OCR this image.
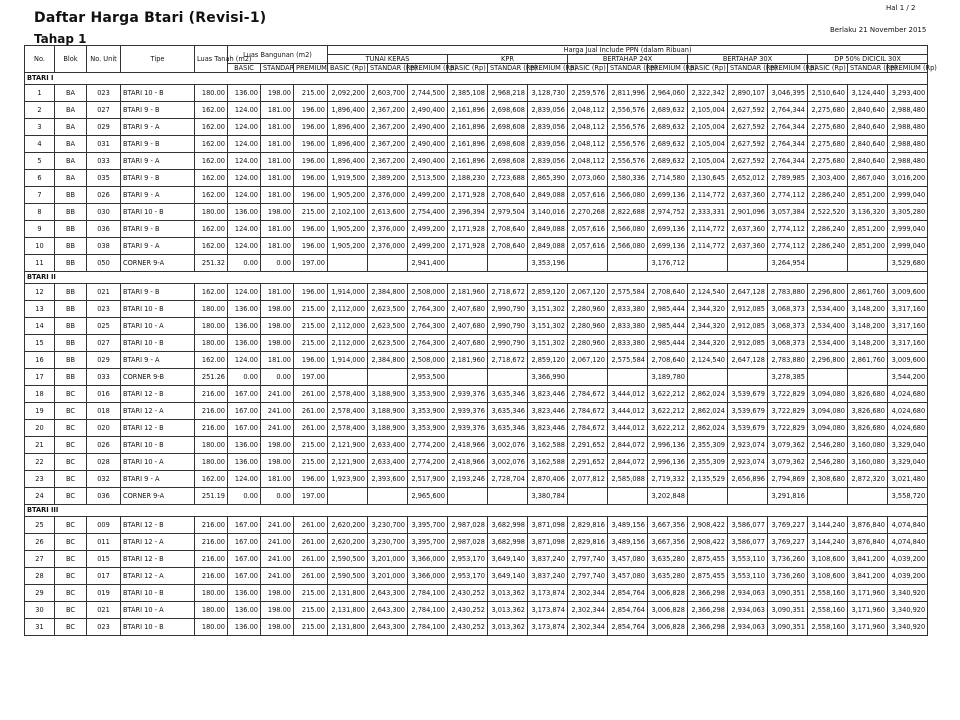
Daftar Harga Btari (Revisi-1)
Tahap 1
Hal 1 / 2
Berlaku 21 November 2015
No.	Blok	No. Unit	Tipe	Luas Tanah (m2)	Luas Bangunan (m2)			Harga Jual Include PPN (dalam Ribuan)														
								TUNAI KERAS			KPR			BERTAHAP 24X			BERTAHAP 30X			DP 50% DICICIL 30X		
					BASIC	STANDAR	PREMIUM	BASIC (Rp)	STANDAR (Rp)	PREMIUM (Rp)	BASIC (Rp)	STANDAR (Rp)	PREMIUM (Rp)	BASIC (Rp)	STANDAR (Rp)	PREMIUM (Rp)	BASIC (Rp)	STANDAR (Rp)	PREMIUM (Rp)	BASIC (Rp)	STANDAR (Rp)	PREMIUM (Rp)
BTARI I																						
1	BA	023	BTARI 10 - B	180.00	136.00	198.00	215.00	2,092,200	2,603,700	2,744,500	2,385,108	2,968,218	3,128,730	2,259,576	2,811,996	2,964,060	2,322,342	2,890,107	3,046,395	2,510,640	3,124,440	3,293,400
2	BA	027	BTARI 9 - B	162.00	124.00	181.00	196.00	1,896,400	2,367,200	2,490,400	2,161,896	2,698,608	2,839,056	2,048,112	2,556,576	2,689,632	2,105,004	2,627,592	2,764,344	2,275,680	2,840,640	2,988,480
3	BA	029	BTARI 9 - A	162.00	124.00	181.00	196.00	1,896,400	2,367,200	2,490,400	2,161,896	2,698,608	2,839,056	2,048,112	2,556,576	2,689,632	2,105,004	2,627,592	2,764,344	2,275,680	2,840,640	2,988,480
4	BA	031	BTARI 9 - B	162.00	124.00	181.00	196.00	1,896,400	2,367,200	2,490,400	2,161,896	2,698,608	2,839,056	2,048,112	2,556,576	2,689,632	2,105,004	2,627,592	2,764,344	2,275,680	2,840,640	2,988,480
5	BA	033	BTARI 9 - A	162.00	124.00	181.00	196.00	1,896,400	2,367,200	2,490,400	2,161,896	2,698,608	2,839,056	2,048,112	2,556,576	2,689,632	2,105,004	2,627,592	2,764,344	2,275,680	2,840,640	2,988,480
6	BA	035	BTARI 9 - B	162.00	124.00	181.00	196.00	1,919,500	2,389,200	2,513,500	2,188,230	2,723,688	2,865,390	2,073,060	2,580,336	2,714,580	2,130,645	2,652,012	2,789,985	2,303,400	2,867,040	3,016,200
7	BB	026	BTARI 9 - A	162.00	124.00	181.00	196.00	1,905,200	2,376,000	2,499,200	2,171,928	2,708,640	2,849,088	2,057,616	2,566,080	2,699,136	2,114,772	2,637,360	2,774,112	2,286,240	2,851,200	2,999,040
8	BB	030	BTARI 10 - B	180.00	136.00	198.00	215.00	2,102,100	2,613,600	2,754,400	2,396,394	2,979,504	3,140,016	2,270,268	2,822,688	2,974,752	2,333,331	2,901,096	3,057,384	2,522,520	3,136,320	3,305,280
9	BB	036	BTARI 9 - B	162.00	124.00	181.00	196.00	1,905,200	2,376,000	2,499,200	2,171,928	2,708,640	2,849,088	2,057,616	2,566,080	2,699,136	2,114,772	2,637,360	2,774,112	2,286,240	2,851,200	2,999,040
10	BB	038	BTARI 9 - A	162.00	124.00	181.00	196.00	1,905,200	2,376,000	2,499,200	2,171,928	2,708,640	2,849,088	2,057,616	2,566,080	2,699,136	2,114,772	2,637,360	2,774,112	2,286,240	2,851,200	2,999,040
11	BB	050	CORNER 9-A	251.32	0.00	0.00	197.00			2,941,400			3,353,196			3,176,712			3,264,954			3,529,680
BTARI II																						
12	BB	021	BTARI 9 - B	162.00	124.00	181.00	196.00	1,914,000	2,384,800	2,508,000	2,181,960	2,718,672	2,859,120	2,067,120	2,575,584	2,708,640	2,124,540	2,647,128	2,783,880	2,296,800	2,861,760	3,009,600
13	BB	023	BTARI 10 - B	180.00	136.00	198.00	215.00	2,112,000	2,623,500	2,764,300	2,407,680	2,990,790	3,151,302	2,280,960	2,833,380	2,985,444	2,344,320	2,912,085	3,068,373	2,534,400	3,148,200	3,317,160
14	BB	025	BTARI 10 - A	180.00	136.00	198.00	215.00	2,112,000	2,623,500	2,764,300	2,407,680	2,990,790	3,151,302	2,280,960	2,833,380	2,985,444	2,344,320	2,912,085	3,068,373	2,534,400	3,148,200	3,317,160
15	BB	027	BTARI 10 - B	180.00	136.00	198.00	215.00	2,112,000	2,623,500	2,764,300	2,407,680	2,990,790	3,151,302	2,280,960	2,833,380	2,985,444	2,344,320	2,912,085	3,068,373	2,534,400	3,148,200	3,317,160
16	BB	029	BTARI 9 - A	162.00	124.00	181.00	196.00	1,914,000	2,384,800	2,508,000	2,181,960	2,718,672	2,859,120	2,067,120	2,575,584	2,708,640	2,124,540	2,647,128	2,783,880	2,296,800	2,861,760	3,009,600
17	BB	033	CORNER 9-B	251.26	0.00	0.00	197.00			2,953,500			3,366,990			3,189,780			3,278,385			3,544,200
18	BC	016	BTARI 12 - B	216.00	167.00	241.00	261.00	2,578,400	3,188,900	3,353,900	2,939,376	3,635,346	3,823,446	2,784,672	3,444,012	3,622,212	2,862,024	3,539,679	3,722,829	3,094,080	3,826,680	4,024,680
19	BC	018	BTARI 12 - A	216.00	167.00	241.00	261.00	2,578,400	3,188,900	3,353,900	2,939,376	3,635,346	3,823,446	2,784,672	3,444,012	3,622,212	2,862,024	3,539,679	3,722,829	3,094,080	3,826,680	4,024,680
20	BC	020	BTARI 12 - B	216.00	167.00	241.00	261.00	2,578,400	3,188,900	3,353,900	2,939,376	3,635,346	3,823,446	2,784,672	3,444,012	3,622,212	2,862,024	3,539,679	3,722,829	3,094,080	3,826,680	4,024,680
21	BC	026	BTARI 10 - B	180.00	136.00	198.00	215.00	2,121,900	2,633,400	2,774,200	2,418,966	3,002,076	3,162,588	2,291,652	2,844,072	2,996,136	2,355,309	2,923,074	3,079,362	2,546,280	3,160,080	3,329,040
22	BC	028	BTARI 10 - A	180.00	136.00	198.00	215.00	2,121,900	2,633,400	2,774,200	2,418,966	3,002,076	3,162,588	2,291,652	2,844,072	2,996,136	2,355,309	2,923,074	3,079,362	2,546,280	3,160,080	3,329,040
23	BC	032	BTARI 9 - A	162.00	124.00	181.00	196.00	1,923,900	2,393,600	2,517,900	2,193,246	2,728,704	2,870,406	2,077,812	2,585,088	2,719,332	2,135,529	2,656,896	2,794,869	2,308,680	2,872,320	3,021,480
24	BC	036	CORNER 9-A	251.19	0.00	0.00	197.00			2,965,600			3,380,784			3,202,848			3,291,816			3,558,720
BTARI III																						
25	BC	009	BTARI 12 - B	216.00	167.00	241.00	261.00	2,620,200	3,230,700	3,395,700	2,987,028	3,682,998	3,871,098	2,829,816	3,489,156	3,667,356	2,908,422	3,586,077	3,769,227	3,144,240	3,876,840	4,074,840
26	BC	011	BTARI 12 - A	216.00	167.00	241.00	261.00	2,620,200	3,230,700	3,395,700	2,987,028	3,682,998	3,871,098	2,829,816	3,489,156	3,667,356	2,908,422	3,586,077	3,769,227	3,144,240	3,876,840	4,074,840
27	BC	015	BTARI 12 - B	216.00	167.00	241.00	261.00	2,590,500	3,201,000	3,366,000	2,953,170	3,649,140	3,837,240	2,797,740	3,457,080	3,635,280	2,875,455	3,553,110	3,736,260	3,108,600	3,841,200	4,039,200
28	BC	017	BTARI 12 - A	216.00	167.00	241.00	261.00	2,590,500	3,201,000	3,366,000	2,953,170	3,649,140	3,837,240	2,797,740	3,457,080	3,635,280	2,875,455	3,553,110	3,736,260	3,108,600	3,841,200	4,039,200
29	BC	019	BTARI 10 - B	180.00	136.00	198.00	215.00	2,131,800	2,643,300	2,784,100	2,430,252	3,013,362	3,173,874	2,302,344	2,854,764	3,006,828	2,366,298	2,934,063	3,090,351	2,558,160	3,171,960	3,340,920
30	BC	021	BTARI 10 - A	180.00	136.00	198.00	215.00	2,131,800	2,643,300	2,784,100	2,430,252	3,013,362	3,173,874	2,302,344	2,854,764	3,006,828	2,366,298	2,934,063	3,090,351	2,558,160	3,171,960	3,340,920
31	BC	023	BTARI 10 - B	180.00	136.00	198.00	215.00	2,131,800	2,643,300	2,784,100	2,430,252	3,013,362	3,173,874	2,302,344	2,854,764	3,006,828	2,366,298	2,934,063	3,090,351	2,558,160	3,171,960	3,340,920
